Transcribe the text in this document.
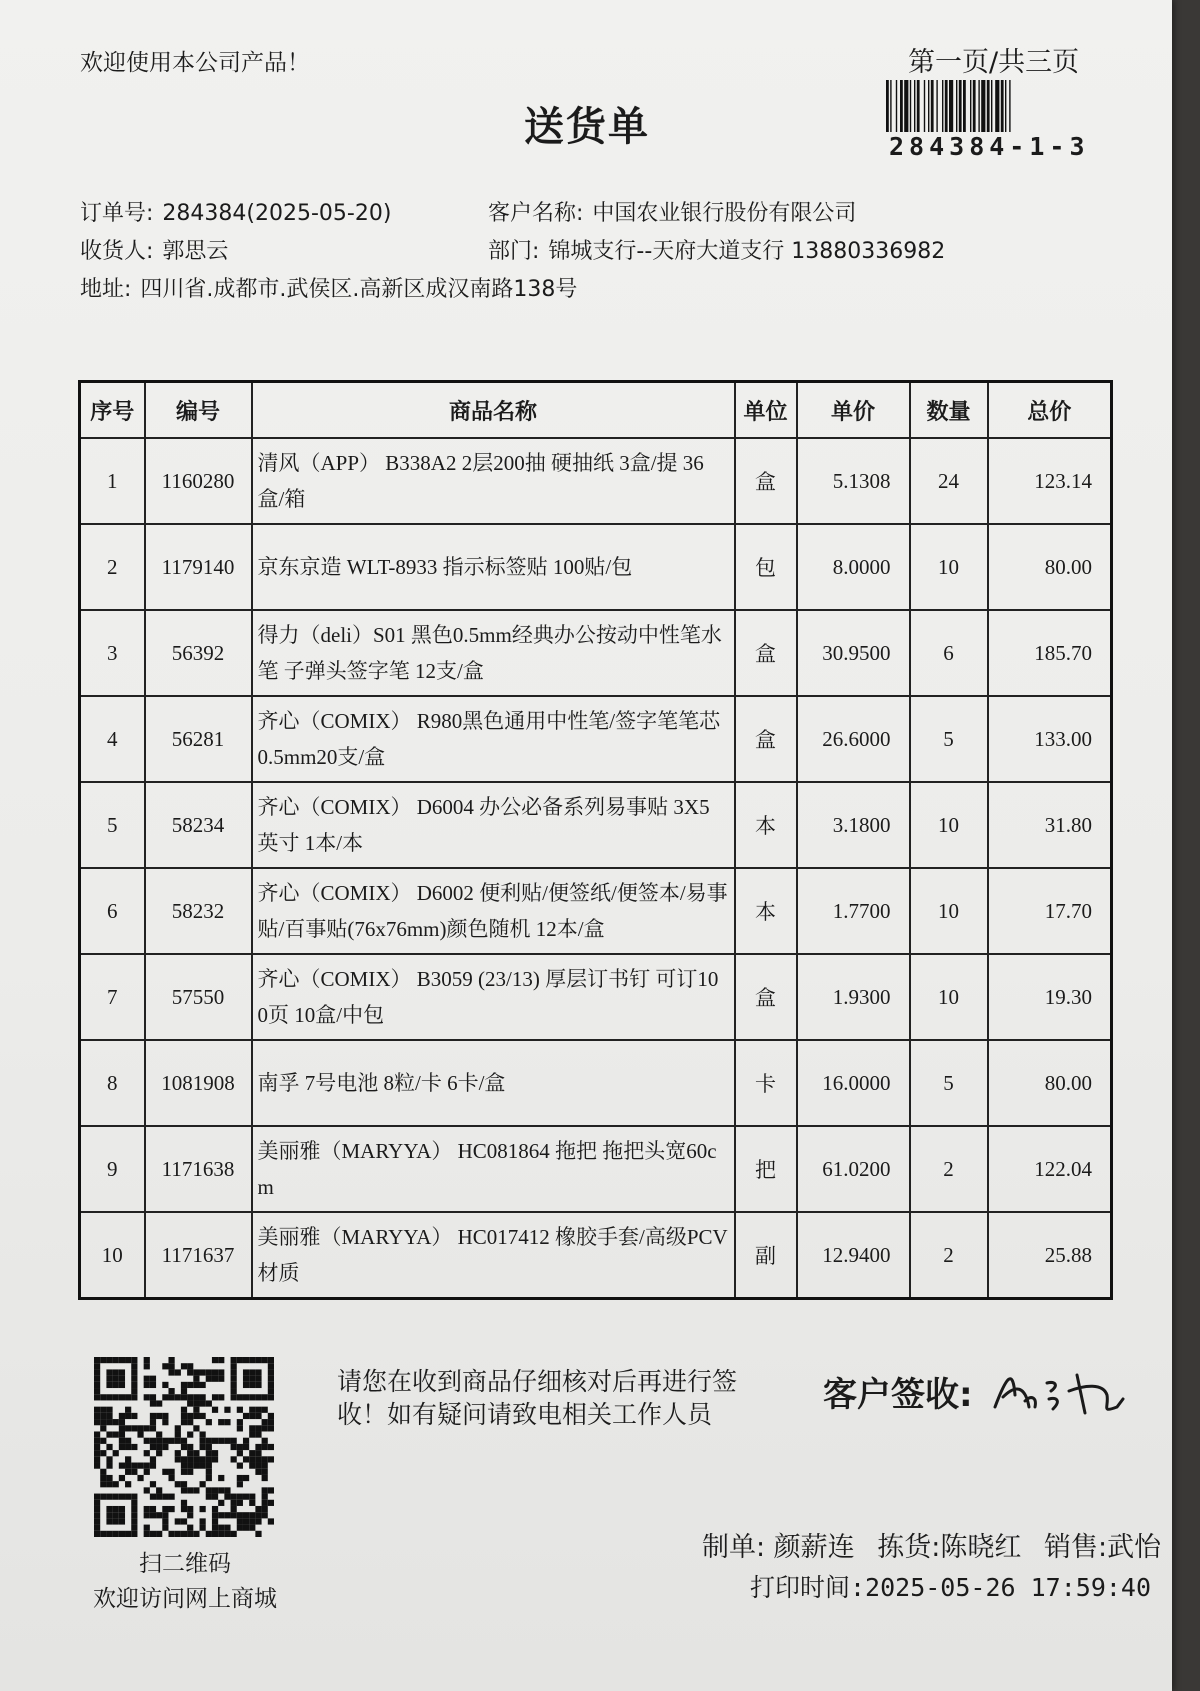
欢迎使用本公司产品！
送货单
第一页/共三页
284384-1-3
订单号: 284384(2025-05-20)	客户名称: 中国农业银行股份有限公司
收货人: 郭思云	部门: 锦城支行--天府大道支行 13880336982
地址: 四川省.成都市.武侯区.高新区成汉南路138号
序号	编号	商品名称	单位	单价	数量	总价
1	1160280	清风（APP） B338A2 2层200抽 硬抽纸 3盒/提 36盒/箱	盒	5.1308	24	123.14
2	1179140	京东京造 WLT-8933 指示标签贴 100贴/包	包	8.0000	10	80.00
3	56392	得力（deli）S01 黑色0.5mm经典办公按动中性笔水笔 子弹头签字笔 12支/盒	盒	30.9500	6	185.70
4	56281	齐心（COMIX） R980黑色通用中性笔/签字笔笔芯 0.5mm20支/盒	盒	26.6000	5	133.00
5	58234	齐心（COMIX） D6004 办公必备系列易事贴 3X5英寸 1本/本	本	3.1800	10	31.80
6	58232	齐心（COMIX） D6002 便利贴/便签纸/便签本/易事贴/百事贴(76x76mm)颜色随机 12本/盒	本	1.7700	10	17.70
7	57550	齐心（COMIX） B3059 (23/13) 厚层订书钉 可订100页 10盒/中包	盒	1.9300	10	19.30
8	1081908	南孚 7号电池 8粒/卡 6卡/盒	卡	16.0000	5	80.00
9	1171638	美丽雅（MARYYA） HC081864 拖把 拖把头宽60cm	把	61.0200	2	122.04
10	1171637	美丽雅（MARYYA） HC017412 橡胶手套/高级PCV材质	副	12.9400	2	25.88
扫二维码
欢迎访问网上商城
请您在收到商品仔细核对后再进行签收！如有疑问请致电相关工作人员	客户签收:
制单: 颜薪连 拣货:陈晓红 销售:武怡
打印时间:2025-05-26 17:59:40
